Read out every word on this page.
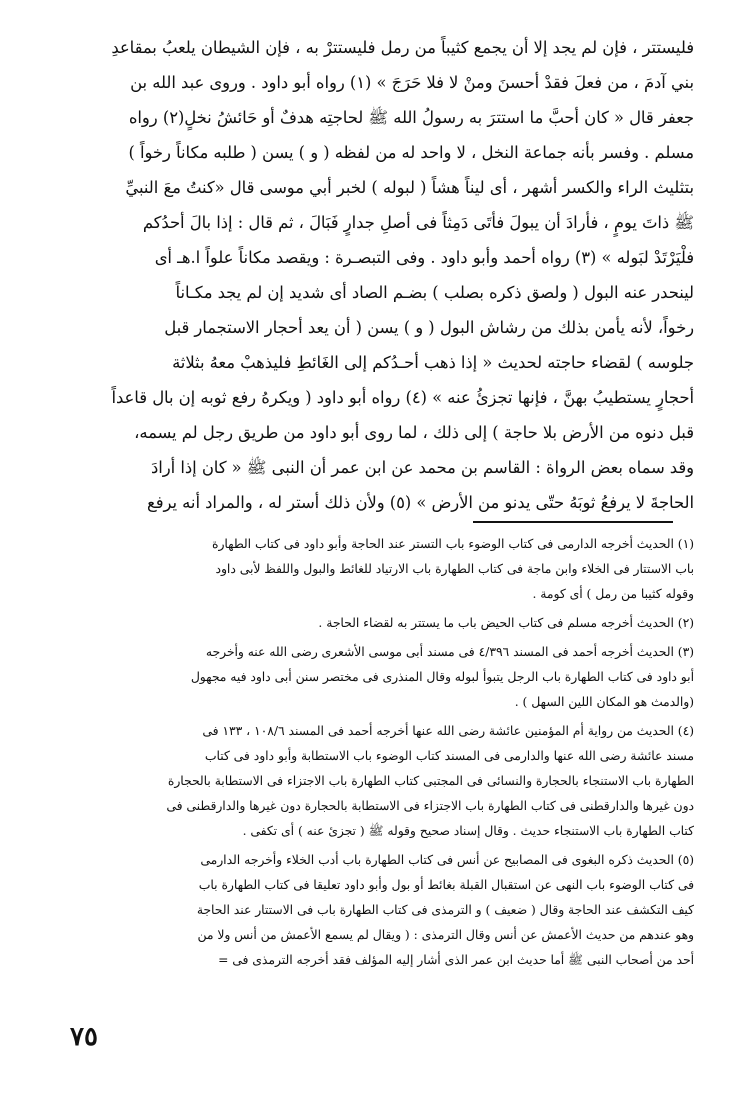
فليستتر ، فإن لم يجد إلا أن يجمع كثيباً من رمل فليستترْ به ، فإن الشيطان يلعبُ بمقاعدِ
بني آدمَ ، من فعلَ فقدْ أحسنَ ومنْ لا فلا حَرَجَ » (١) رواه أبو داود . وروى عبد الله بن
جعفر قال « كان أحبَّ ما استترَ به رسولُ الله ﷺ لحاجتِه هدفٌ أو حَائشُ نخلٍ(٢) رواه
مسلم . وفسر بأنه جماعة النخل ، لا واحد له من لفظه ( و ) يسن ( طلبه مكاناً رخواً )
بتثليث الراء والكسر أشهر ، أى ليناً هشاً ( لبوله ) لخبر أبي موسى قال «كنتُ معَ النبيِّ
ﷺ ذاتَ يومٍ ، فأرادَ أن يبولَ فأتَى دَمِثاً فى أصلِ جدارٍ فَبَالَ ، ثم قال : إذا بالَ أحدُكم
فلْيَرْتَدْ لبَوله » (٣) رواه أحمد وأبو داود . وفى التبصـرة : ويقصد مكاناً علواً ا.هـ أى
لينحدر عنه البول ( ولصق ذكره بصلب ) بضـم الصاد أى شديد إن لم يجد مكـاناً
رخواً، لأنه يأمن بذلك من رشاش البول ( و ) يسن ( أن يعد أحجار الاستجمار قبل
جلوسه ) لقضاء حاجته لحديث « إذا ذهب أحـدُكم إلى الغَائطِ فليذهبْ معهُ بثلاثة
أحجارٍ يستطيبُ بهنَّ ، فإنها تجزئُ عنه » (٤) رواه أبو داود ( ويكرهُ رفع ثوبه إن بال قاعداً
قبل دنوه من الأرض بلا حاجة ) إلى ذلك ، لما روى أبو داود من طريق رجل لم يسمه،
وقد سماه بعض الرواة : القاسم بن محمد عن ابن عمر أن النبى ﷺ « كان إذا أرادَ
الحاجةَ لا يرفعُ ثوبَهُ حتّى يدنو من الأرض » (٥) ولأن ذلك أستر له ، والمراد أنه يرفع
(١) الحديث أخرجه الدارمى فى كتاب الوضوء باب التستر عند الحاجة وأبو داود فى كتاب الطهارة
باب الاستتار فى الخلاء وابن ماجة فى كتاب الطهارة باب الارتياد للغائط والبول واللفظ لأبى داود
وقوله كثيبا من رمل ) أى كومة .
(٢) الحديث أخرجه مسلم فى كتاب الحيض باب ما يستتر به لقضاء الحاجة .
(٣) الحديث أخرجه أحمد فى المسند ٤/٣٩٦ فى مسند أبى موسى الأشعرى رضى الله عنه وأخرجه
أبو داود فى كتاب الطهارة باب الرجل يتبوأ لبوله وقال المنذرى فى مختصر سنن أبى داود فيه مجهول
(والدمث هو المكان اللين السهل ) .
(٤) الحديث من رواية أم المؤمنين عائشة رضى الله عنها أخرجه أحمد فى المسند ١٠٨/٦ ، ١٣٣ فى
مسند عائشة رضى الله عنها والدارمى فى المسند كتاب الوضوء باب الاستطابة وأبو داود فى كتاب
الطهارة باب الاستنجاء بالحجارة والنسائى فى المجتبى كتاب الطهارة باب الاجتزاء فى الاستطابة بالحجارة
دون غيرها والدارقطنى فى كتاب الطهارة باب الاجتزاء فى الاستطابة بالحجارة دون غيرها والدارقطنى فى
كتاب الطهارة باب الاستنجاء حديث . وقال إسناد صحيح وقوله ﷺ ( تجزئ عنه ) أى تكفى .
(٥) الحديث ذكره البغوى فى المصابيح عن أنس فى كتاب الطهارة باب أدب الخلاء وأخرجه الدارمى
فى كتاب الوضوء باب النهى عن استقبال القبلة بغائط أو بول وأبو داود تعليقا فى كتاب الطهارة باب
كيف التكشف عند الحاجة وقال ( ضعيف ) و الترمذى فى كتاب الطهارة باب فى الاستتار عند الحاجة
وهو عندهم من حديث الأعمش عن أنس وقال الترمذى : ( ويقال لم يسمع الأعمش من أنس ولا من
أحد من أصحاب النبى ﷺ أما حديث ابن عمر الذى أشار إليه المؤلف فقد أخرجه الترمذى فى =
٧٥
